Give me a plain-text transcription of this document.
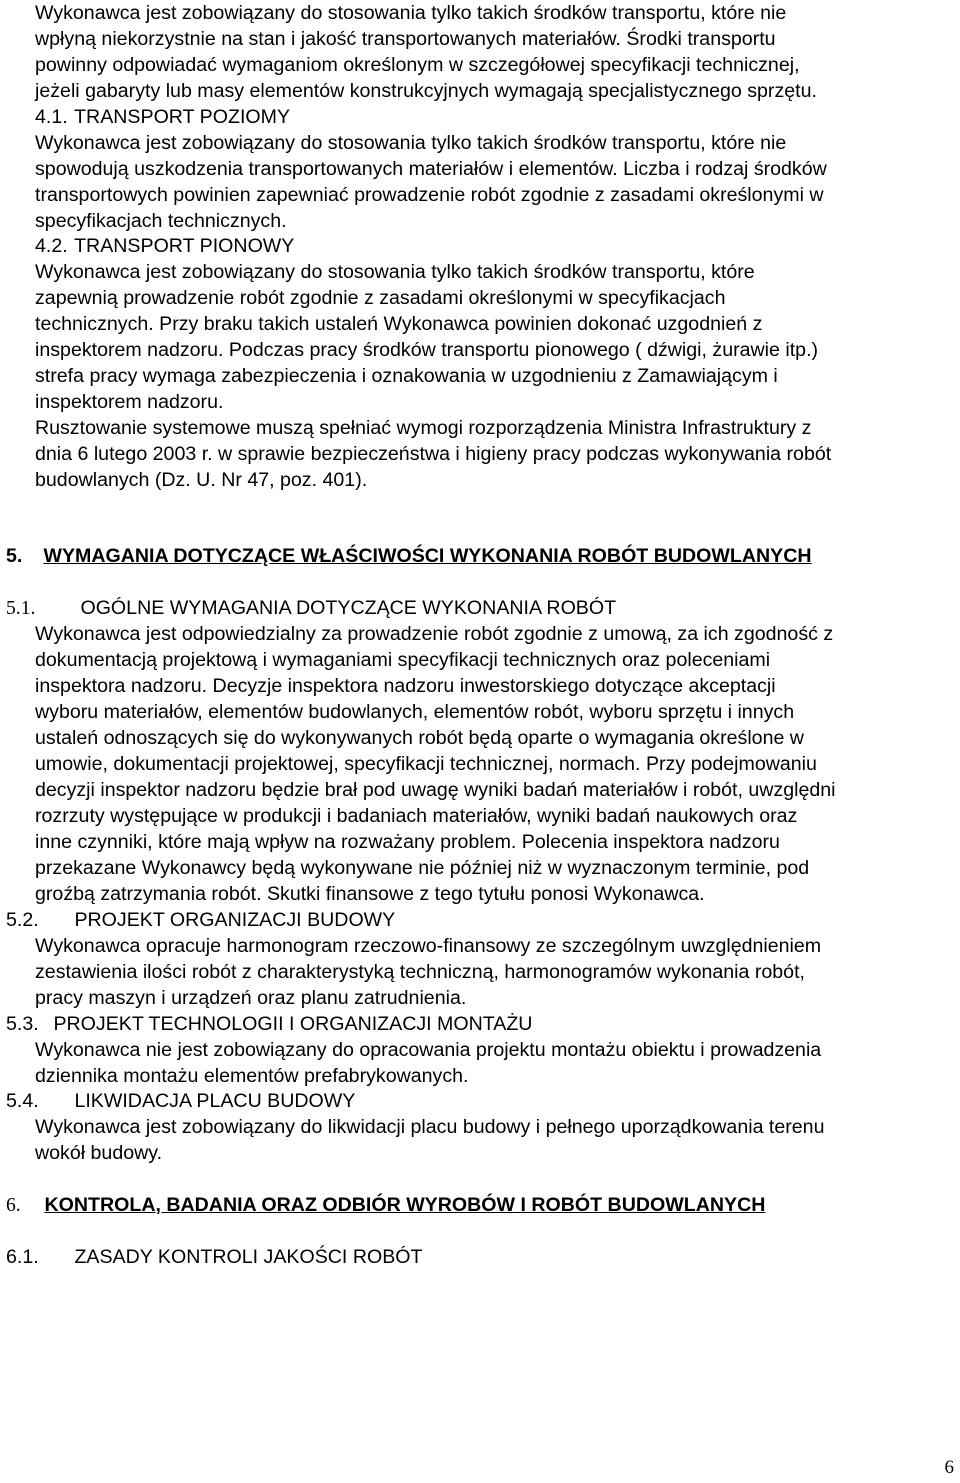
Wykonawca jest zobowiązany do stosowania tylko takich środków transportu, które nie
wpłyną niekorzystnie na stan i jakość transportowanych materiałów. Środki transportu
powinny odpowiadać wymaganiom określonym w szczegółowej specyfikacji technicznej,
jeżeli gabaryty lub masy elementów konstrukcyjnych wymagają specjalistycznego sprzętu.
4.1. TRANSPORT POZIOMY
Wykonawca jest zobowiązany do stosowania tylko takich środków transportu, które nie
spowodują uszkodzenia transportowanych materiałów i elementów. Liczba i rodzaj środków
transportowych powinien zapewniać prowadzenie robót zgodnie z zasadami określonymi w
specyfikacjach technicznych.
4.2. TRANSPORT PIONOWY
Wykonawca jest zobowiązany do stosowania tylko takich środków transportu, które
zapewnią prowadzenie robót zgodnie z zasadami określonymi w specyfikacjach
technicznych. Przy braku takich ustaleń Wykonawca powinien dokonać uzgodnień z
inspektorem nadzoru. Podczas pracy środków transportu pionowego ( dźwigi, żurawie itp.)
strefa pracy wymaga zabezpieczenia i oznakowania w uzgodnieniu z Zamawiającym i
inspektorem nadzoru.
Rusztowanie systemowe muszą spełniać wymogi rozporządzenia Ministra Infrastruktury z
dnia 6 lutego 2003 r. w sprawie bezpieczeństwa i higieny pracy podczas wykonywania robót
budowlanych (Dz. U. Nr 47, poz. 401).
5. WYMAGANIA DOTYCZĄCE WŁAŚCIWOŚCI WYKONANIA ROBÓT BUDOWLANYCH
5.1. OGÓLNE WYMAGANIA DOTYCZĄCE WYKONANIA ROBÓT
Wykonawca jest odpowiedzialny za prowadzenie robót zgodnie z umową, za ich zgodność z
dokumentacją projektową i wymaganiami specyfikacji technicznych oraz poleceniami
inspektora nadzoru. Decyzje inspektora nadzoru inwestorskiego dotyczące akceptacji
wyboru materiałów, elementów budowlanych, elementów robót, wyboru sprzętu i innych
ustaleń odnoszących się do wykonywanych robót będą oparte o wymagania określone w
umowie, dokumentacji projektowej, specyfikacji technicznej, normach. Przy podejmowaniu
decyzji inspektor nadzoru będzie brał pod uwagę wyniki badań materiałów i robót, uwzględni
rozrzuty występujące w produkcji i badaniach materiałów, wyniki badań naukowych oraz
inne czynniki, które mają wpływ na rozważany problem. Polecenia inspektora nadzoru
przekazane Wykonawcy będą wykonywane nie później niż w wyznaczonym terminie, pod
groźbą zatrzymania robót. Skutki finansowe z tego tytułu ponosi Wykonawca.
5.2. PROJEKT ORGANIZACJI BUDOWY
Wykonawca opracuje harmonogram rzeczowo-finansowy ze szczególnym uwzględnieniem
zestawienia ilości robót z charakterystyką techniczną, harmonogramów wykonania robót,
pracy maszyn i urządzeń oraz planu zatrudnienia.
5.3. PROJEKT TECHNOLOGII I ORGANIZACJI MONTAŻU
Wykonawca nie jest zobowiązany do opracowania projektu montażu obiektu i prowadzenia
dziennika montażu elementów prefabrykowanych.
5.4. LIKWIDACJA PLACU BUDOWY
Wykonawca jest zobowiązany do likwidacji placu budowy i pełnego uporządkowania terenu
wokół budowy.
6. KONTROLA, BADANIA ORAZ ODBIÓR WYROBÓW I ROBÓT BUDOWLANYCH
6.1. ZASADY KONTROLI JAKOŚCI ROBÓT
6
